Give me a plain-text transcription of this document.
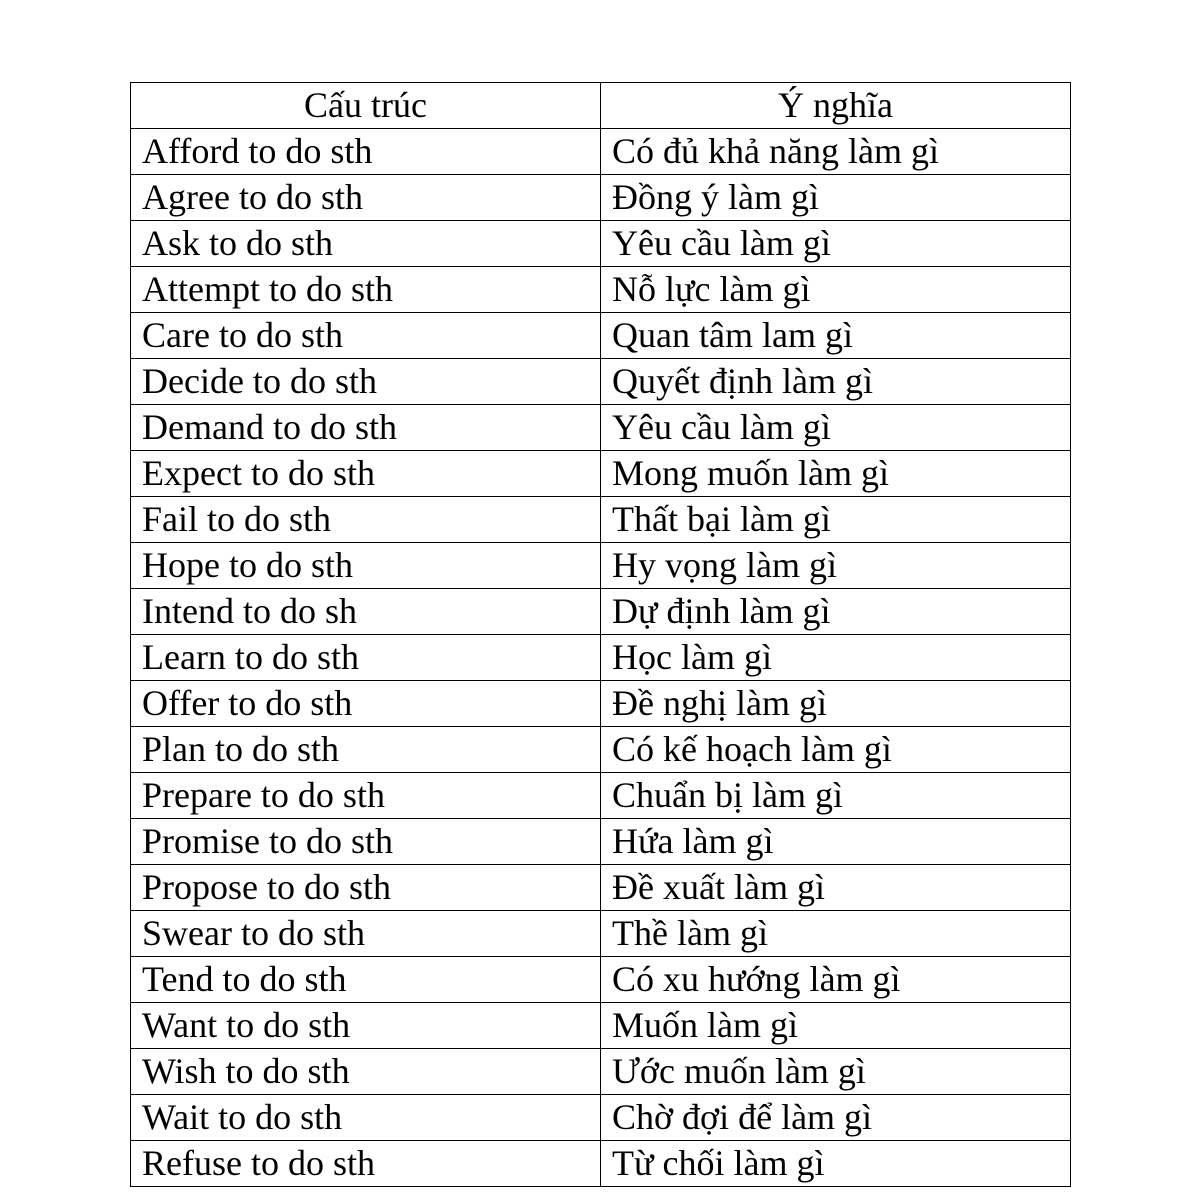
Cấu trúc	Ý nghĩa
Afford to do sth	Có đủ khả năng làm gì
Agree to do sth	Đồng ý làm gì
Ask to do sth	Yêu cầu làm gì
Attempt to do sth	Nỗ lực làm gì
Care to do sth	Quan tâm lam gì
Decide to do sth	Quyết định làm gì
Demand to do sth	Yêu cầu làm gì
Expect to do sth	Mong muốn làm gì
Fail to do sth	Thất bại làm gì
Hope to do sth	Hy vọng làm gì
Intend to do sh	Dự định làm gì
Learn to do sth	Học làm gì
Offer to do sth	Đề nghị làm gì
Plan to do sth	Có kế hoạch làm gì
Prepare to do sth	Chuẩn bị làm gì
Promise to do sth	Hứa làm gì
Propose to do sth	Đề xuất làm gì
Swear to do sth	Thề làm gì
Tend to do sth	Có xu hướng làm gì
Want to do sth	Muốn làm gì
Wish to do sth	Ước muốn làm gì
Wait to do sth	Chờ đợi để làm gì
Refuse to do sth	Từ chối làm gì
